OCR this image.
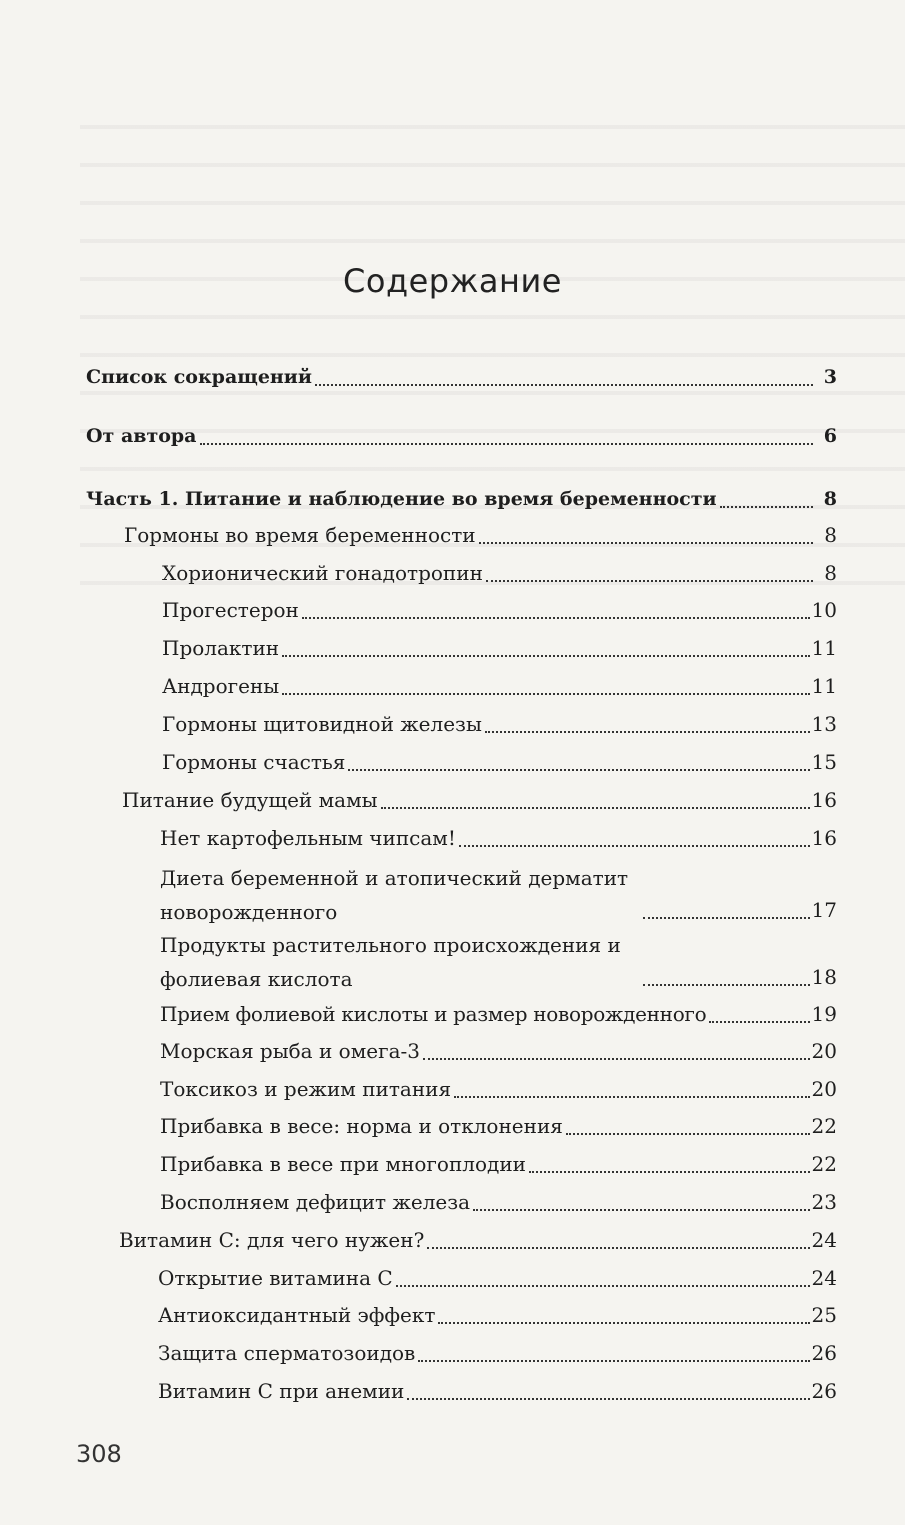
Содержание
Список сокращений	3
От автора	6
Часть 1. Питание и наблюдение во время беременности	8
Гормоны во время беременности	8
Хорионический гонадотропин	8
Прогестерон	10
Пролактин	11
Андрогены	11
Гормоны щитовидной железы	13
Гормоны счастья	15
Питание будущей мамы	16
Нет картофельным чипсам!	16
Диета беременной и атопический дерматит новорожденного	17
Продукты растительного происхождения и фолиевая кислота	18
Прием фолиевой кислоты и размер новорожденного	19
Морская рыба и омега-3	20
Токсикоз и режим питания	20
Прибавка в весе: норма и отклонения	22
Прибавка в весе при многоплодии	22
Восполняем дефицит железа	23
Витамин С: для чего нужен?	24
Открытие витамина С	24
Антиоксидантный эффект	25
Защита сперматозоидов	26
Витамин С при анемии	26
308
